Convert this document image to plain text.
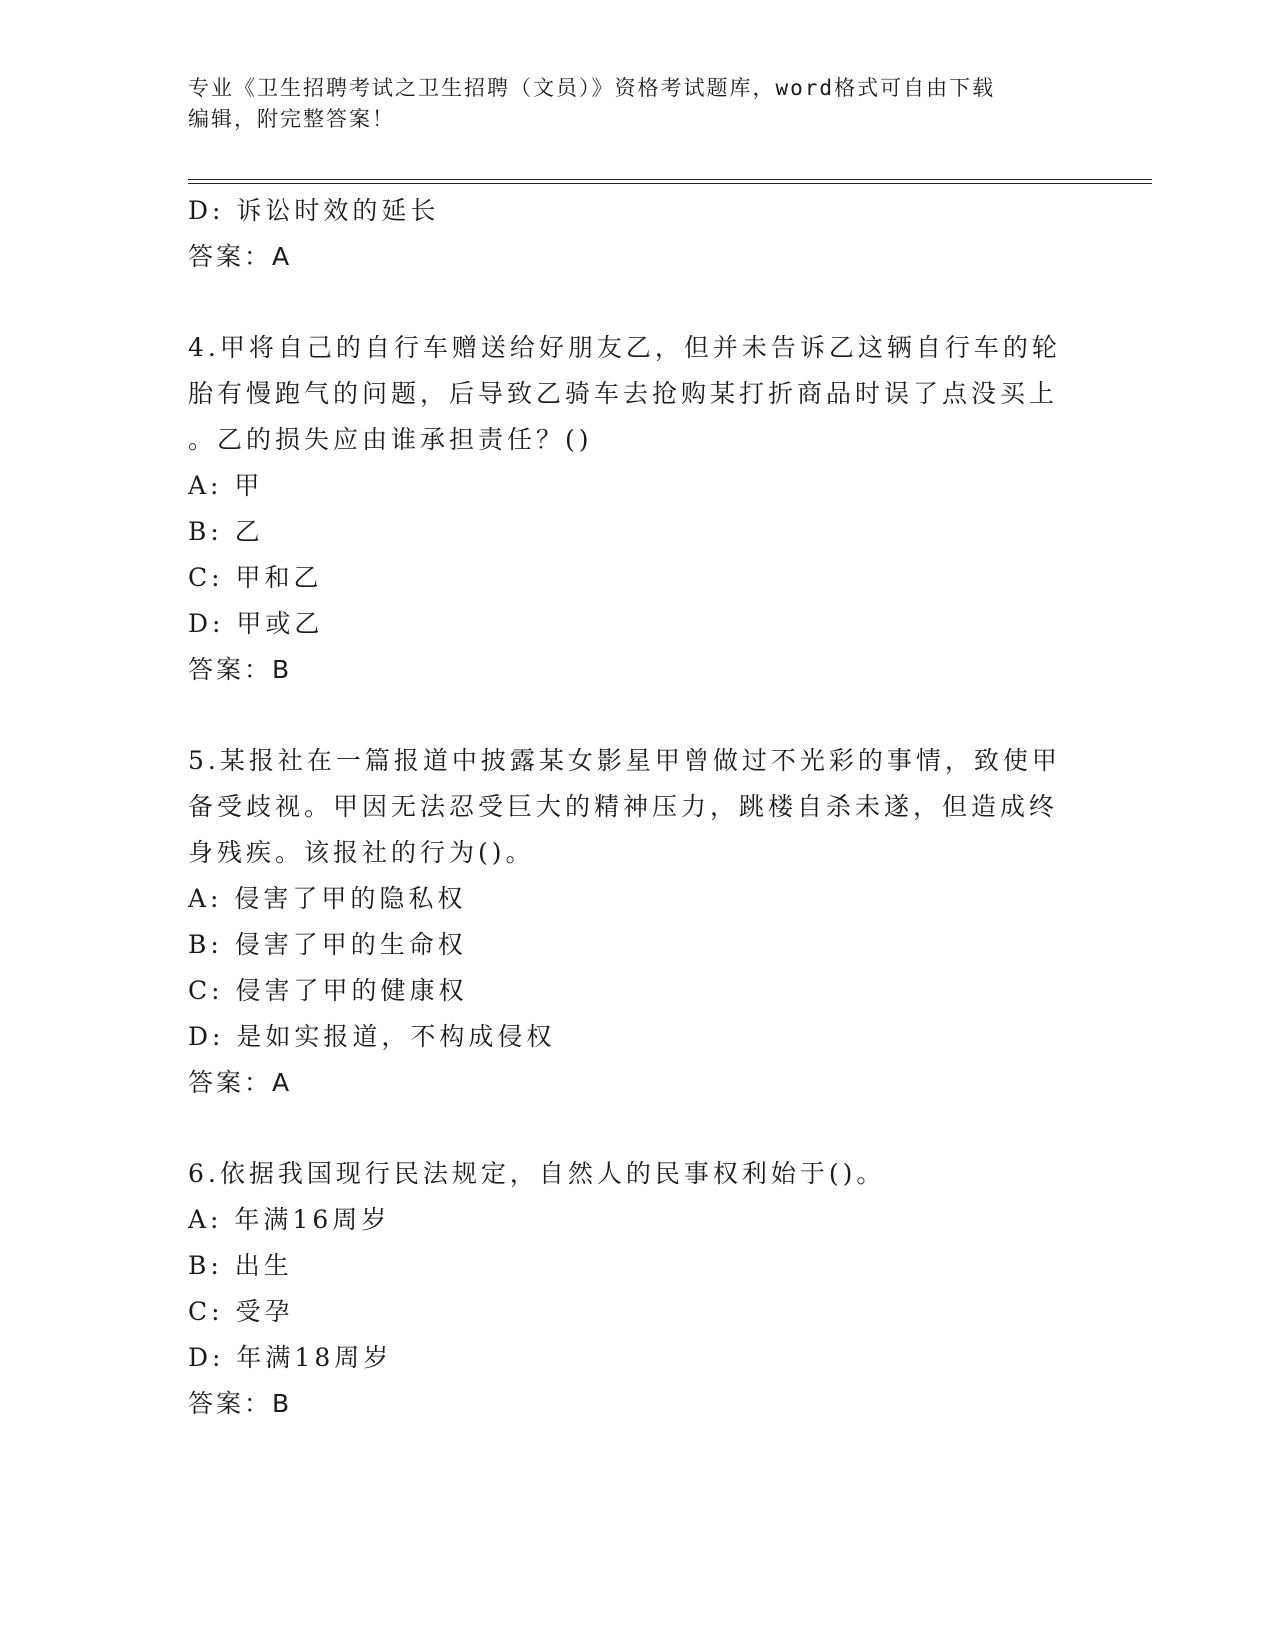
专业《卫生招聘考试之卫生招聘（文员）》资格考试题库，word格式可自由下载
编辑，附完整答案！
D: 诉讼时效的延长
答案：A
4.甲将自己的自行车赠送给好朋友乙，但并未告诉乙这辆自行车的轮
胎有慢跑气的问题，后导致乙骑车去抢购某打折商品时误了点没买上
。乙的损失应由谁承担责任？()
A: 甲
B: 乙
C: 甲和乙
D: 甲或乙
答案：B
5.某报社在一篇报道中披露某女影星甲曾做过不光彩的事情，致使甲
备受歧视。甲因无法忍受巨大的精神压力，跳楼自杀未遂，但造成终
身残疾。该报社的行为()。
A: 侵害了甲的隐私权
B: 侵害了甲的生命权
C: 侵害了甲的健康权
D: 是如实报道，不构成侵权
答案：A
6.依据我国现行民法规定，自然人的民事权利始于()。
A: 年满16周岁
B: 出生
C: 受孕
D: 年满18周岁
答案：B
